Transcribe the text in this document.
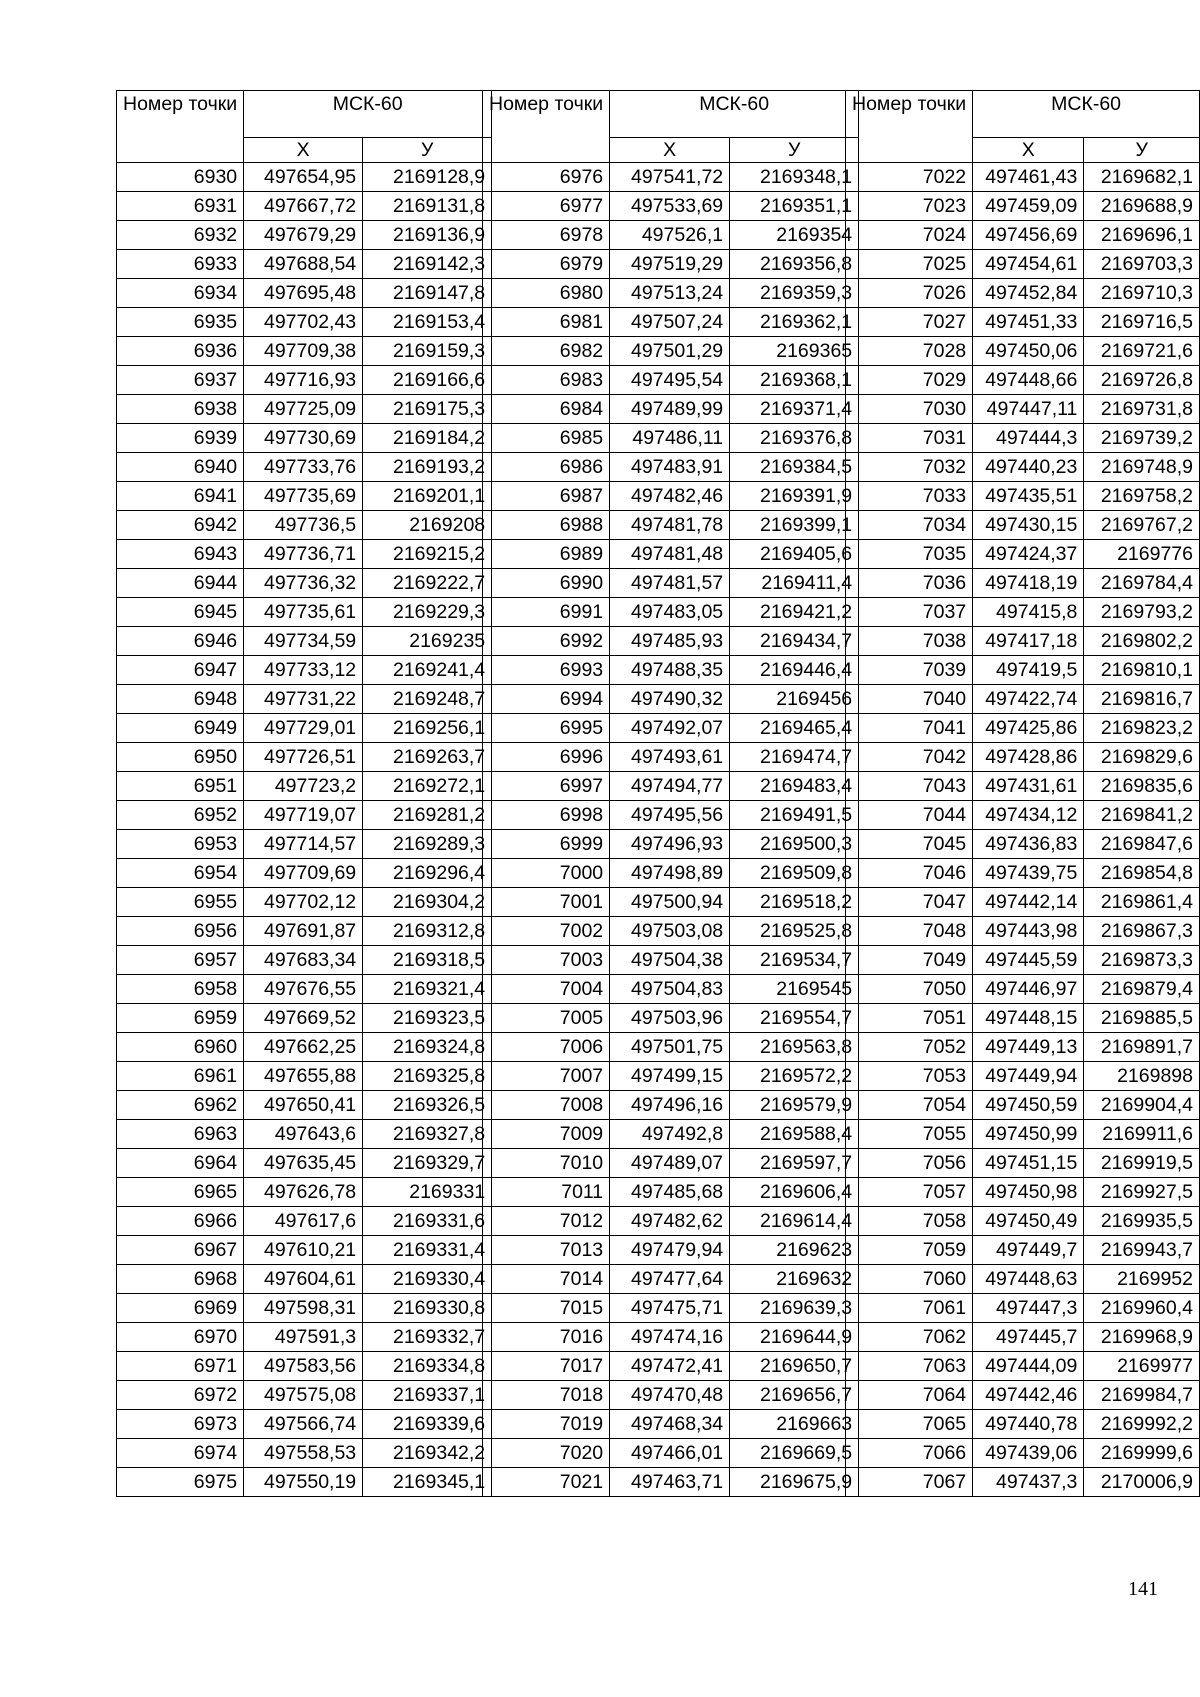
Номер точки	МСК-60	
	Х	У
6930	497654,95	2169128,9
6931	497667,72	2169131,8
6932	497679,29	2169136,9
6933	497688,54	2169142,3
6934	497695,48	2169147,8
6935	497702,43	2169153,4
6936	497709,38	2169159,3
6937	497716,93	2169166,6
6938	497725,09	2169175,3
6939	497730,69	2169184,2
6940	497733,76	2169193,2
6941	497735,69	2169201,1
6942	497736,5	2169208
6943	497736,71	2169215,2
6944	497736,32	2169222,7
6945	497735,61	2169229,3
6946	497734,59	2169235
6947	497733,12	2169241,4
6948	497731,22	2169248,7
6949	497729,01	2169256,1
6950	497726,51	2169263,7
6951	497723,2	2169272,1
6952	497719,07	2169281,2
6953	497714,57	2169289,3
6954	497709,69	2169296,4
6955	497702,12	2169304,2
6956	497691,87	2169312,8
6957	497683,34	2169318,5
6958	497676,55	2169321,4
6959	497669,52	2169323,5
6960	497662,25	2169324,8
6961	497655,88	2169325,8
6962	497650,41	2169326,5
6963	497643,6	2169327,8
6964	497635,45	2169329,7
6965	497626,78	2169331
6966	497617,6	2169331,6
6967	497610,21	2169331,4
6968	497604,61	2169330,4
6969	497598,31	2169330,8
6970	497591,3	2169332,7
6971	497583,56	2169334,8
6972	497575,08	2169337,1
6973	497566,74	2169339,6
6974	497558,53	2169342,2
6975	497550,19	2169345,1
Номер точки	МСК-60	
	Х	У
6976	497541,72	2169348,1
6977	497533,69	2169351,1
6978	497526,1	2169354
6979	497519,29	2169356,8
6980	497513,24	2169359,3
6981	497507,24	2169362,1
6982	497501,29	2169365
6983	497495,54	2169368,1
6984	497489,99	2169371,4
6985	497486,11	2169376,8
6986	497483,91	2169384,5
6987	497482,46	2169391,9
6988	497481,78	2169399,1
6989	497481,48	2169405,6
6990	497481,57	2169411,4
6991	497483,05	2169421,2
6992	497485,93	2169434,7
6993	497488,35	2169446,4
6994	497490,32	2169456
6995	497492,07	2169465,4
6996	497493,61	2169474,7
6997	497494,77	2169483,4
6998	497495,56	2169491,5
6999	497496,93	2169500,3
7000	497498,89	2169509,8
7001	497500,94	2169518,2
7002	497503,08	2169525,8
7003	497504,38	2169534,7
7004	497504,83	2169545
7005	497503,96	2169554,7
7006	497501,75	2169563,8
7007	497499,15	2169572,2
7008	497496,16	2169579,9
7009	497492,8	2169588,4
7010	497489,07	2169597,7
7011	497485,68	2169606,4
7012	497482,62	2169614,4
7013	497479,94	2169623
7014	497477,64	2169632
7015	497475,71	2169639,3
7016	497474,16	2169644,9
7017	497472,41	2169650,7
7018	497470,48	2169656,7
7019	497468,34	2169663
7020	497466,01	2169669,5
7021	497463,71	2169675,9
Номер точки	МСК-60	
	Х	У
7022	497461,43	2169682,1
7023	497459,09	2169688,9
7024	497456,69	2169696,1
7025	497454,61	2169703,3
7026	497452,84	2169710,3
7027	497451,33	2169716,5
7028	497450,06	2169721,6
7029	497448,66	2169726,8
7030	497447,11	2169731,8
7031	497444,3	2169739,2
7032	497440,23	2169748,9
7033	497435,51	2169758,2
7034	497430,15	2169767,2
7035	497424,37	2169776
7036	497418,19	2169784,4
7037	497415,8	2169793,2
7038	497417,18	2169802,2
7039	497419,5	2169810,1
7040	497422,74	2169816,7
7041	497425,86	2169823,2
7042	497428,86	2169829,6
7043	497431,61	2169835,6
7044	497434,12	2169841,2
7045	497436,83	2169847,6
7046	497439,75	2169854,8
7047	497442,14	2169861,4
7048	497443,98	2169867,3
7049	497445,59	2169873,3
7050	497446,97	2169879,4
7051	497448,15	2169885,5
7052	497449,13	2169891,7
7053	497449,94	2169898
7054	497450,59	2169904,4
7055	497450,99	2169911,6
7056	497451,15	2169919,5
7057	497450,98	2169927,5
7058	497450,49	2169935,5
7059	497449,7	2169943,7
7060	497448,63	2169952
7061	497447,3	2169960,4
7062	497445,7	2169968,9
7063	497444,09	2169977
7064	497442,46	2169984,7
7065	497440,78	2169992,2
7066	497439,06	2169999,6
7067	497437,3	2170006,9
141
